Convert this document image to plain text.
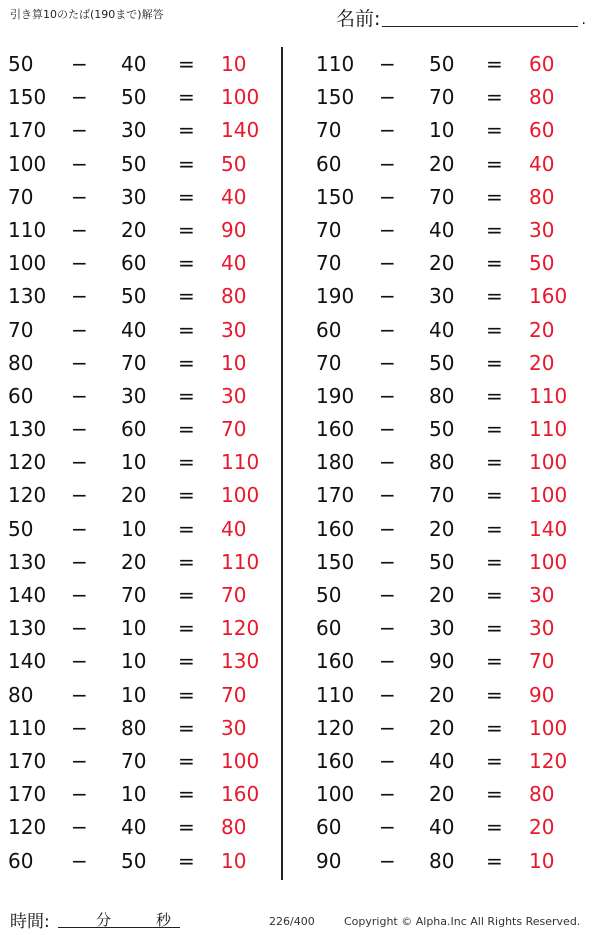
引き算10のたば(190まで)解答	名前:	.
50 − 40 = 10
150 − 50 = 100
170 − 30 = 140
100 − 50 = 50
70 − 30 = 40
110 − 20 = 90
100 − 60 = 40
130 − 50 = 80
70 − 40 = 30
80 − 70 = 10
60 − 30 = 30
130 − 60 = 70
120 − 10 = 110
120 − 20 = 100
50 − 10 = 40
130 − 20 = 110
140 − 70 = 70
130 − 10 = 120
140 − 10 = 130
80 − 10 = 70
110 − 80 = 30
170 − 70 = 100
170 − 10 = 160
120 − 40 = 80
60 − 50 = 10
110 − 50 = 60
150 − 70 = 80
70 − 10 = 60
60 − 20 = 40
150 − 70 = 80
70 − 40 = 30
70 − 20 = 50
190 − 30 = 160
60 − 40 = 20
70 − 50 = 20
190 − 80 = 110
160 − 50 = 110
180 − 80 = 100
170 − 70 = 100
160 − 20 = 140
150 − 50 = 100
50 − 20 = 30
60 − 30 = 30
160 − 90 = 70
110 − 20 = 90
120 − 20 = 100
160 − 40 = 120
100 − 20 = 80
60 − 40 = 20
90 − 80 = 10
時間:	分	秒	226/400	Copyright © Alpha.Inc All Rights Reserved.
